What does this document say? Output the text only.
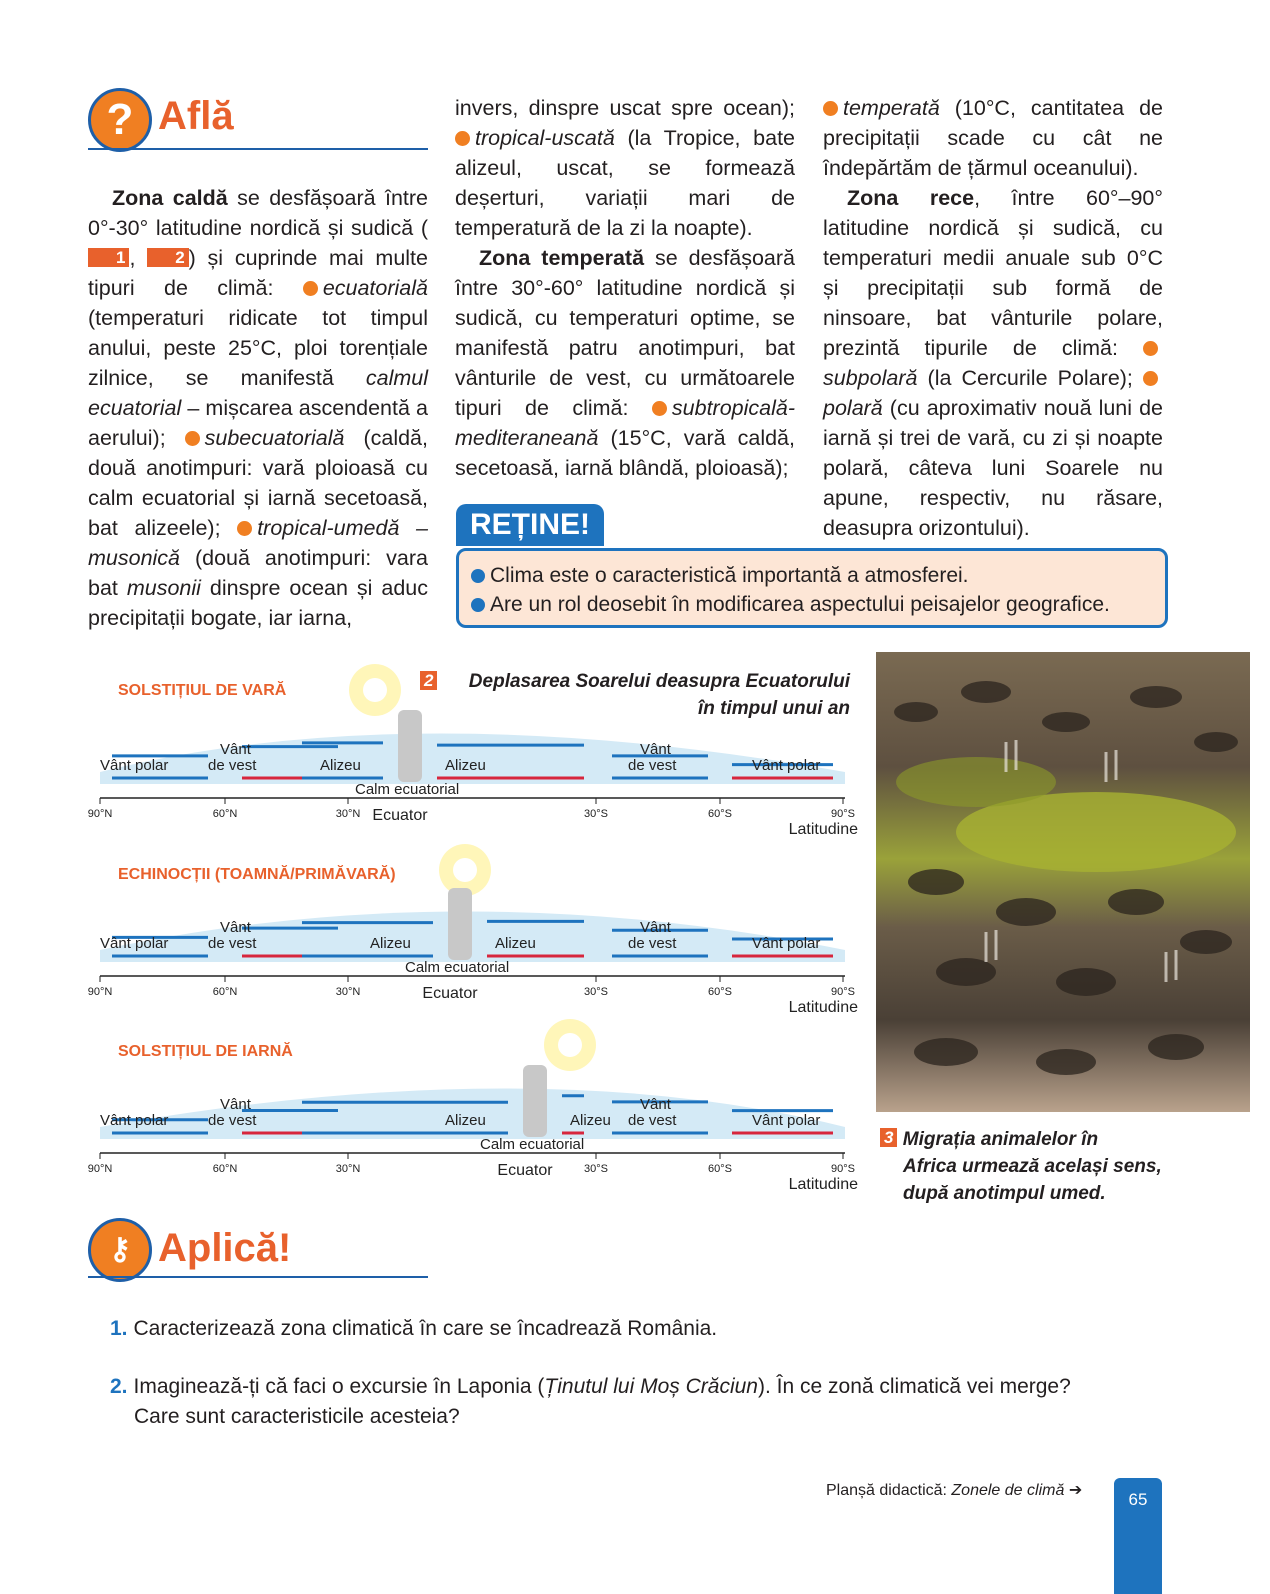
? Află

Zona caldă se desfășoară între 0°-30° latitudine nordică și sudică (1 , 2 ) și cuprinde mai multe tipuri de climă: ecuatorială (temperaturi ridicate tot timpul anului, peste 25°C, ploi torențiale zilnice, se manifestă calmul ecuatorial – mișcarea ascendentă a aerului); subecuatorială (caldă, două anotimpuri: vară ploioasă cu calm ecuatorial și iarnă secetoasă, bat alizeele); tropical-umedă – musonică (două anotimpuri: vara bat musonii dinspre ocean și aduc precipitații bogate, iar iarna,

invers, dinspre uscat spre ocean); tropical-uscată (la Tropice, bate alizeul, uscat, se formează deșerturi, variații mari de temperatură de la zi la noapte).

Zona temperată se desfășoară între 30°-60° latitudine nordică și sudică, cu temperaturi optime, se manifestă patru anotimpuri, bat vânturile de vest, cu următoarele tipuri de climă: subtropicală-mediteraneană (15°C, vară caldă, secetoasă, iarnă blândă, ploioasă);

temperată (10°C, cantitatea de precipitații scade cu cât ne îndepărtăm de țărmul oceanului).

Zona rece, între 60°–90° latitudine nordică și sudică, cu temperaturi medii anuale sub 0°C și precipitații sub formă de ninsoare, bat vânturile polare, prezintă tipurile de climă: subpolară (la Cercurile Polare); polară (cu aproximativ nouă luni de iarnă și trei de vară, cu zi și noapte polară, câteva luni Soarele nu apune, respectiv, nu răsare, deasupra orizontului).

REȚINE!
Clima este o caracteristică importantă a atmosferei.
Are un rol deosebit în modificarea aspectului peisajelor geografice.
2 Deplasarea Soarelui deasupra Ecuatorului
în timpul unui an
SOLSTIȚIUL DE VARĂ
ECHINOCȚII (TOAMNĂ/PRIMĂVARĂ)
SOLSTIȚIUL DE IARNĂ
Vânt polar
Vânt
de vest	Alizeu	Alizeu
Vânt
de vest	Vânt polar
Calm ecuatorial
90°N	60°N	30°N	30°S	60°S	90°S
Ecuator
Latitudine
Vânt polar
Vânt
de vest	Alizeu	Alizeu
Vânt
de vest	Vânt polar
Calm ecuatorial
90°N	60°N	30°N	30°S	60°S	90°S
Ecuator
Latitudine
Vânt polar
Vânt
de vest	Alizeu	Alizeu
Vânt
de vest	Vânt polar
Calm ecuatorial
90°N	60°N	30°N	30°S	60°S	90°S
Ecuator
Latitudine
3 Migrația animalelor în
Africa urmează același sens,
după anotimpul umed.
⚷ Aplică!
1. Caracterizează zona climatică în care se încadrează România.
2. Imaginează-ți că faci o excursie în Laponia (Ținutul lui Moș Crăciun). În ce zonă climatică vei merge?
Care sunt caracteristicile acesteia?
Planșă didactică: Zonele de climă ➔	65
